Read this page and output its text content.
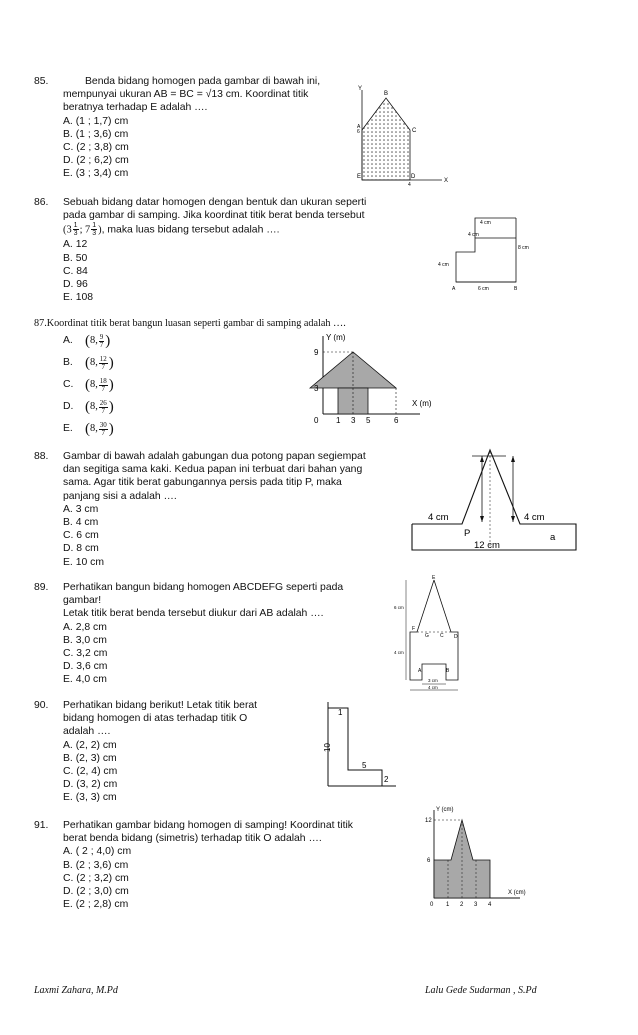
85.	Benda bidang homogen pada gambar di bawah ini,
mempunyai ukuran AB = BC = √13 cm. Koordinat titik
beratnya terhadap E adalah ….
A. (1 ; 1,7) cm
B. (1 ; 3,6) cm
C. (2 ; 3,8) cm
D. (2 ; 6,2) cm
E. (3 ; 3,4) cm
Y
X
B
A
6	C
E	D
4
86. Sebuah bidang datar homogen dengan bentuk dan ukuran seperti
pada gambar di samping. Jika koordinat titik berat benda tersebut
($3 \frac{1}{3}$ ; $7 \frac{1}{3}$ ), maka luas bidang tersebut adalah ….
A. 12
B. 50
C. 84
D. 96
E. 108
4 cm
4 cm
8 cm
4 cm
6 cm
A	B
87.Koordinat titik berat bangun luasan seperti gambar di samping adalah ….
A. ( 8, $\frac{9}{7}$ )

B. ( 8, $\frac{12}{7}$ )

C. ( 8, $\frac{18}{7}$ )

D. ( 8, $\frac{26}{7}$ )

E. ( 8, $\frac{30}{7}$ )
Y (m)
X (m)
9
3
0 1 3 5	6
88. Gambar di bawah adalah gabungan dua potong papan segiempat
dan segitiga sama kaki. Kedua papan ini terbuat dari bahan yang
sama. Agar titik berat gabungannya persis pada titip P, maka
panjang sisi a adalah ….
A. 3 cm
B. 4 cm
C. 6 cm
D. 8 cm
E. 10 cm
4 cm	4 cm
P
12 cm
a
89. Perhatikan bangun bidang homogen ABCDEFG seperti pada
gambar!
Letak titik berat benda tersebut diukur dari AB adalah ….
A. 2,8 cm
B. 3,0 cm
C. 3,2 cm
D. 3,6 cm
E. 4,0 cm
E
F
G C D
A	B
6 cm
4 cm
3 cm
4 cm
90. Perhatikan bidang berikut! Letak titik berat
bidang homogen di atas terhadap titik O
adalah ….
A. (2, 2) cm
B. (2, 3) cm
C. (2, 4) cm
D. (3, 2) cm
E. (3, 3) cm
1
10
5
2
91. Perhatikan gambar bidang homogen di samping! Koordinat titik
berat benda bidang (simetris) terhadap titik O adalah ….
A. ( 2 ; 4,0) cm
B. (2 ; 3,6) cm
C. (2 ; 3,2) cm
D. (2 ; 3,0) cm
E. (2 ; 2,8) cm
Y (cm)
X (cm)
12
6
0 1 2 3 4
Laxmi Zahara, M.Pd	Lalu Gede Sudarman , S.Pd
